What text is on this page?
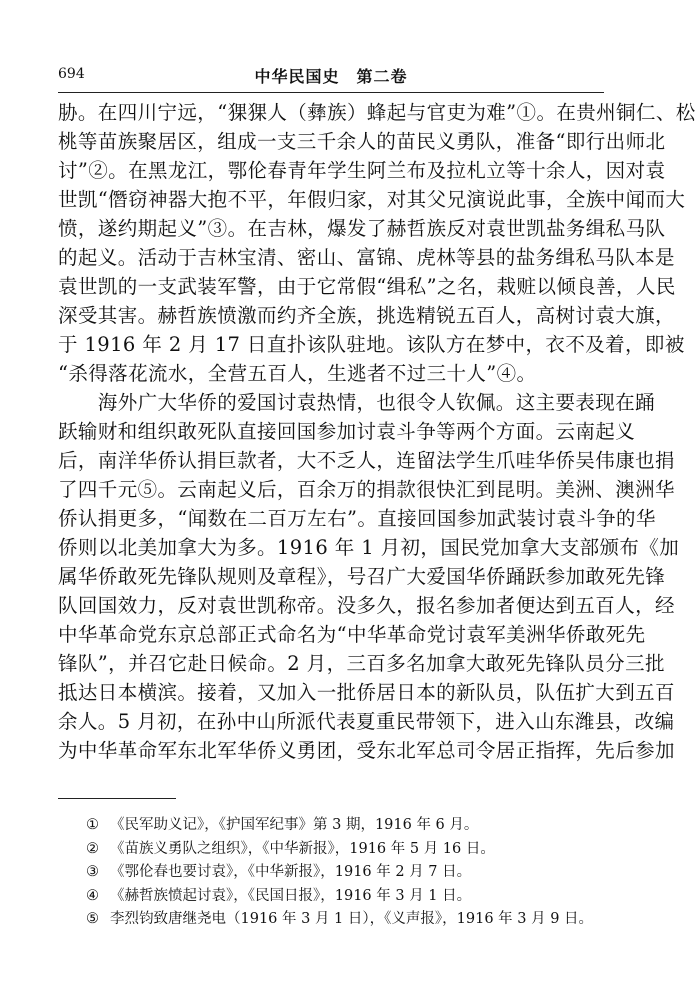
694	中华民国史　第二卷
胁。在四川宁远，“猓猓人（彝族）蜂起与官吏为难”①。在贵州铜仁、松
桃等苗族聚居区，组成一支三千余人的苗民义勇队，准备“即行出师北
讨”②。在黑龙江，鄂伦春青年学生阿兰布及拉札立等十余人，因对袁
世凯“僭窃神器大抱不平，年假归家，对其父兄演说此事，全族中闻而大
愤，遂约期起义”③。在吉林，爆发了赫哲族反对袁世凯盐务缉私马队
的起义。活动于吉林宝清、密山、富锦、虎林等县的盐务缉私马队本是
袁世凯的一支武装军警，由于它常假“缉私”之名，栽赃以倾良善，人民
深受其害。赫哲族愤激而约齐全族，挑选精锐五百人，高树讨袁大旗，
于 1916 年 2 月 17 日直扑该队驻地。该队方在梦中，衣不及着，即被
“杀得落花流水，全营五百人，生逃者不过三十人”④。
　　海外广大华侨的爱国讨袁热情，也很令人钦佩。这主要表现在踊
跃输财和组织敢死队直接回国参加讨袁斗争等两个方面。云南起义
后，南洋华侨认捐巨款者，大不乏人，连留法学生爪哇华侨吴伟康也捐
了四千元⑤。云南起义后，百余万的捐款很快汇到昆明。美洲、澳洲华
侨认捐更多，“闻数在二百万左右”。直接回国参加武装讨袁斗争的华
侨则以北美加拿大为多。1916 年 1 月初，国民党加拿大支部颁布《加
属华侨敢死先锋队规则及章程》，号召广大爱国华侨踊跃参加敢死先锋
队回国效力，反对袁世凯称帝。没多久，报名参加者便达到五百人，经
中华革命党东京总部正式命名为“中华革命党讨袁军美洲华侨敢死先
锋队”，并召它赴日候命。2 月，三百多名加拿大敢死先锋队员分三批
抵达日本横滨。接着，又加入一批侨居日本的新队员，队伍扩大到五百
余人。5 月初，在孙中山所派代表夏重民带领下，进入山东潍县，改编
为中华革命军东北军华侨义勇团，受东北军总司令居正指挥，先后参加
① 《民军助义记》，《护国军纪事》第 3 期，1916 年 6 月。
② 《苗族义勇队之组织》，《中华新报》，1916 年 5 月 16 日。
③ 《鄂伦春也要讨袁》，《中华新报》，1916 年 2 月 7 日。
④ 《赫哲族愤起讨袁》，《民国日报》，1916 年 3 月 1 日。
⑤ 李烈钧致唐继尧电（1916 年 3 月 1 日），《义声报》，1916 年 3 月 9 日。
